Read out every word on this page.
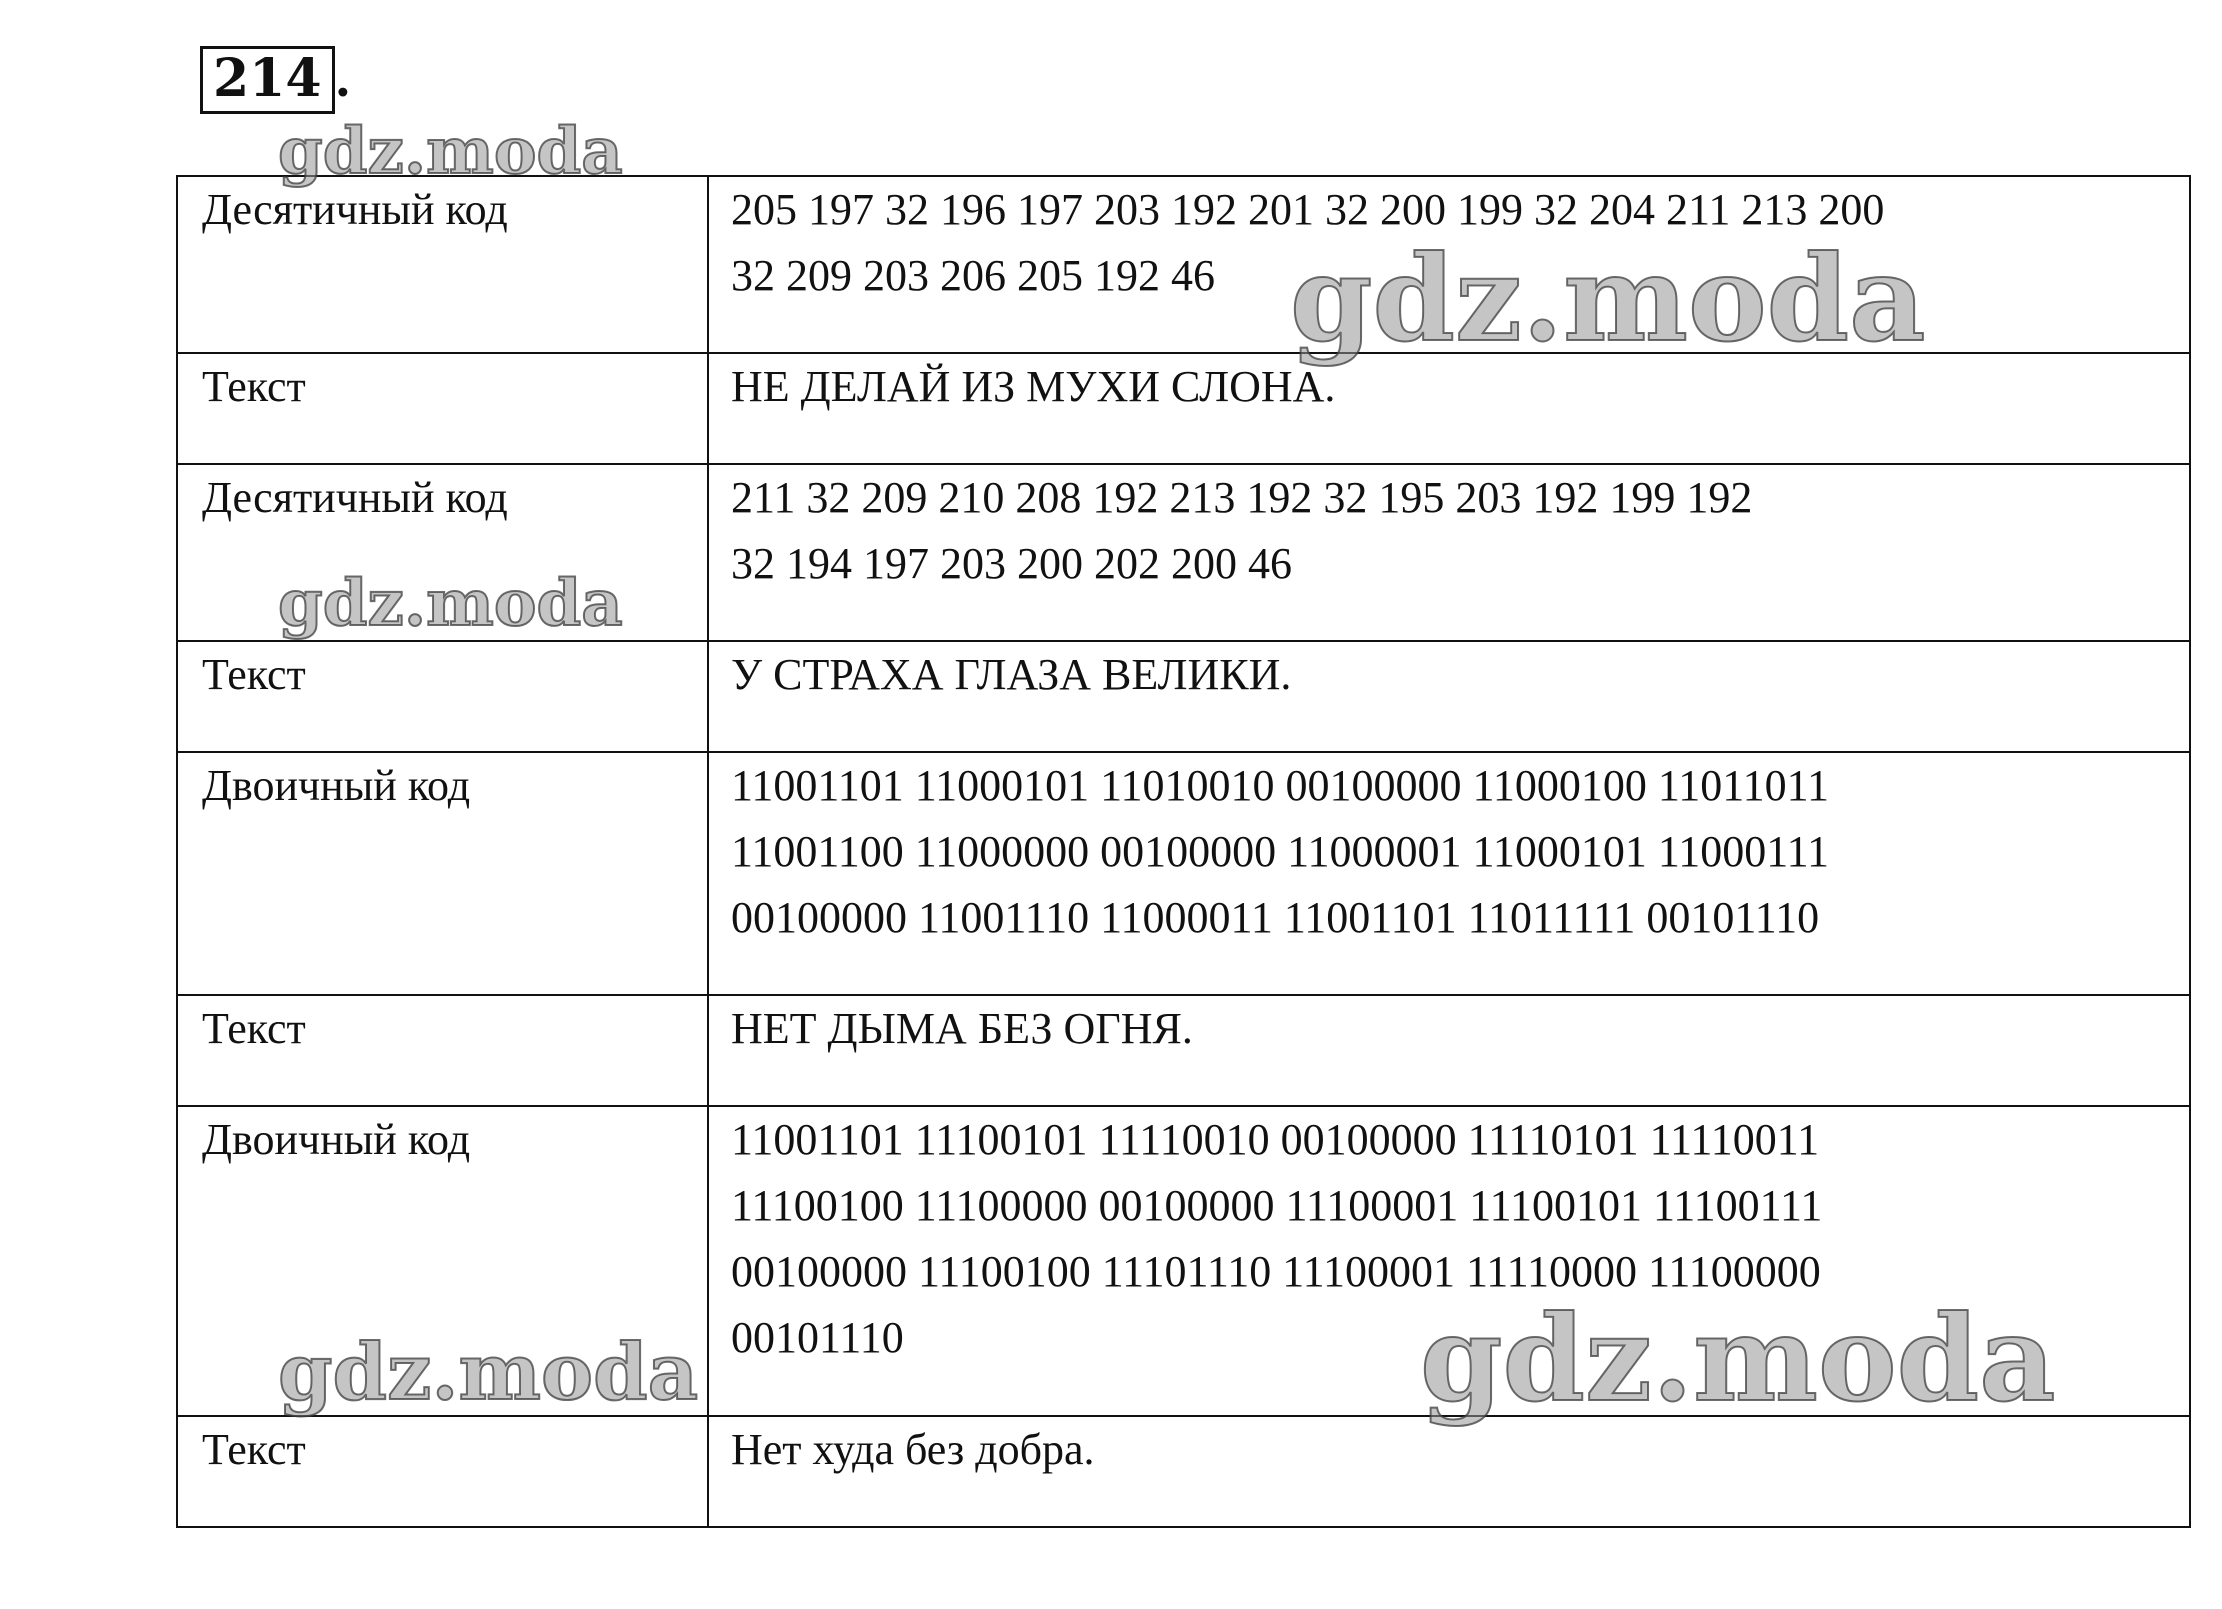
214 .
Десятичный код	205 197 32 196 197 203 192 201 32 200 199 32 204 211 213 200
32 209 203 206 205 192 46

Текст	НЕ ДЕЛАЙ ИЗ МУХИ СЛОНА.

Десятичный код	211 32 209 210 208 192 213 192 32 195 203 192 199 192
32 194 197 203 200 202 200 46

Текст	У СТРАХА ГЛАЗА ВЕЛИКИ.

Двоичный код	11001101 11000101 11010010 00100000 11000100 11011011
11001100 11000000 00100000 11000001 11000101 11000111
00100000 11001110 11000011 11001101 11011111 00101110

Текст	НЕТ ДЫМА БЕЗ ОГНЯ.

Двоичный код	11001101 11100101 11110010 00100000 11110101 11110011
11100100 11100000 00100000 11100001 11100101 11100111
00100000 11100100 11101110 11100001 11110000 11100000
00101110

Текст	Нет худа без добра.
gdz.moda
gdz.moda
gdz.moda
gdz.moda	gdz.moda
